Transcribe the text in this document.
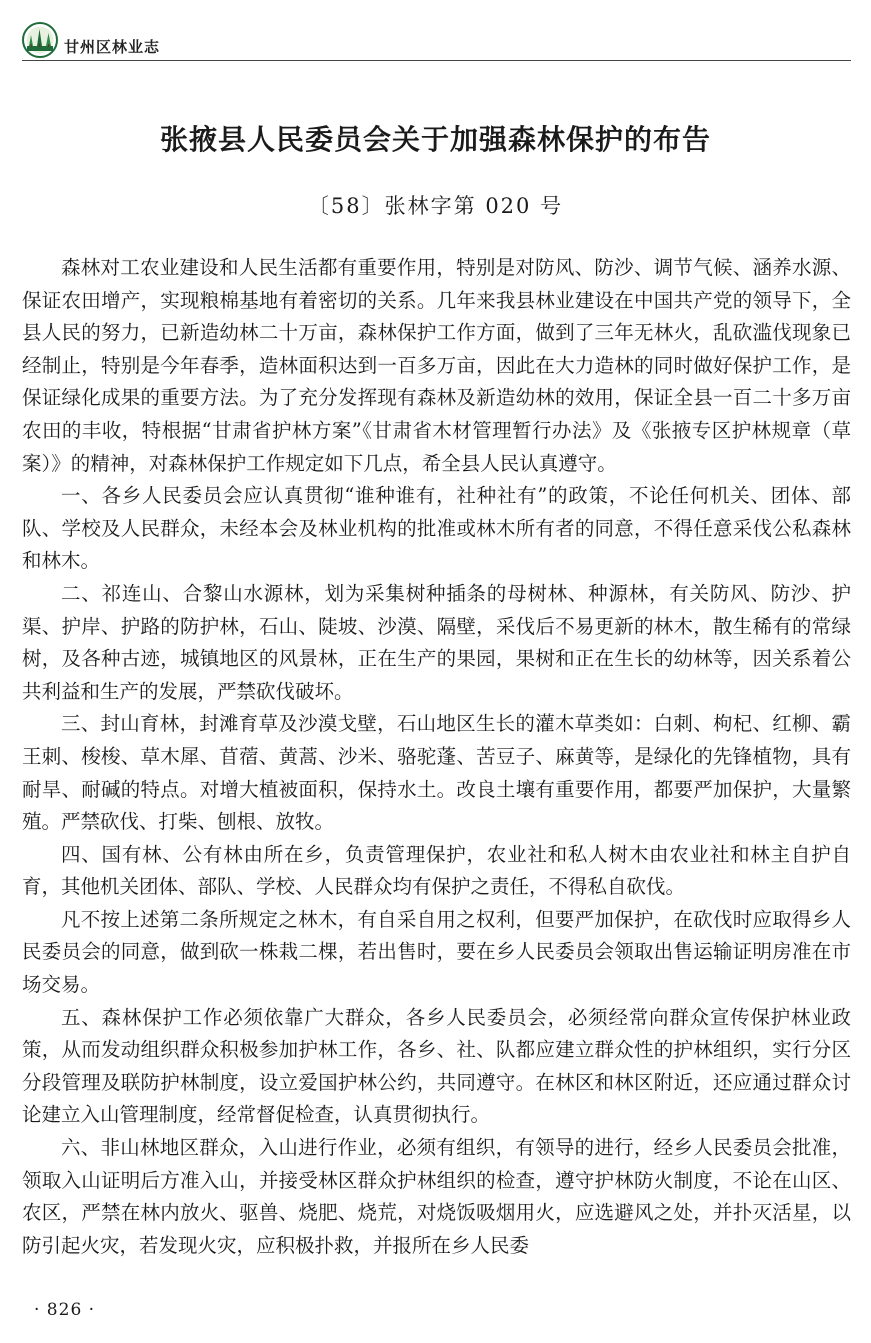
甘州区林业志
张掖县人民委员会关于加强森林保护的布告
〔58〕张林字第 020 号

森林对工农业建设和人民生活都有重要作用，特别是对防风、防沙、调节气候、涵养水源、保证农田增产，实现粮棉基地有着密切的关系。几年来我县林业建设在中国共产党的领导下，全县人民的努力，已新造幼林二十万亩，森林保护工作方面，做到了三年无林火，乱砍滥伐现象已经制止，特别是今年春季，造林面积达到一百多万亩，因此在大力造林的同时做好保护工作，是保证绿化成果的重要方法。为了充分发挥现有森林及新造幼林的效用，保证全县一百二十多万亩农田的丰收，特根据“甘肃省护林方案”《甘肃省木材管理暂行办法》及《张掖专区护林规章（草案）》的精神，对森林保护工作规定如下几点，希全县人民认真遵守。

一、各乡人民委员会应认真贯彻“谁种谁有，社种社有”的政策，不论任何机关、团体、部队、学校及人民群众，未经本会及林业机构的批准或林木所有者的同意，不得任意采伐公私森林和林木。

二、祁连山、合黎山水源林，划为采集树种插条的母树林、种源林，有关防风、防沙、护渠、护岸、护路的防护林，石山、陡坡、沙漠、隔壁，采伐后不易更新的林木，散生稀有的常绿树，及各种古迹，城镇地区的风景林，正在生产的果园，果树和正在生长的幼林等，因关系着公共利益和生产的发展，严禁砍伐破坏。

三、封山育林，封滩育草及沙漠戈壁，石山地区生长的灌木草类如：白刺、枸杞、红柳、霸王刺、梭梭、草木犀、苜蓿、黄蒿、沙米、骆驼蓬、苦豆子、麻黄等，是绿化的先锋植物，具有耐旱、耐碱的特点。对增大植被面积，保持水土。改良土壤有重要作用，都要严加保护，大量繁殖。严禁砍伐、打柴、刨根、放牧。

四、国有林、公有林由所在乡，负责管理保护，农业社和私人树木由农业社和林主自护自育，其他机关团体、部队、学校、人民群众均有保护之责任，不得私自砍伐。

凡不按上述第二条所规定之林木，有自采自用之权利，但要严加保护，在砍伐时应取得乡人民委员会的同意，做到砍一株栽二棵，若出售时，要在乡人民委员会领取出售运输证明房准在市场交易。

五、森林保护工作必须依靠广大群众，各乡人民委员会，必须经常向群众宣传保护林业政策，从而发动组织群众积极参加护林工作，各乡、社、队都应建立群众性的护林组织，实行分区分段管理及联防护林制度，设立爱国护林公约，共同遵守。在林区和林区附近，还应通过群众讨论建立入山管理制度，经常督促检查，认真贯彻执行。

六、非山林地区群众，入山进行作业，必须有组织，有领导的进行，经乡人民委员会批准，领取入山证明后方准入山，并接受林区群众护林组织的检查，遵守护林防火制度，不论在山区、农区，严禁在林内放火、驱兽、烧肥、烧荒，对烧饭吸烟用火，应选避风之处，并扑灭活星，以防引起火灾，若发现火灾，应积极扑救，并报所在乡人民委

· 826 ·
